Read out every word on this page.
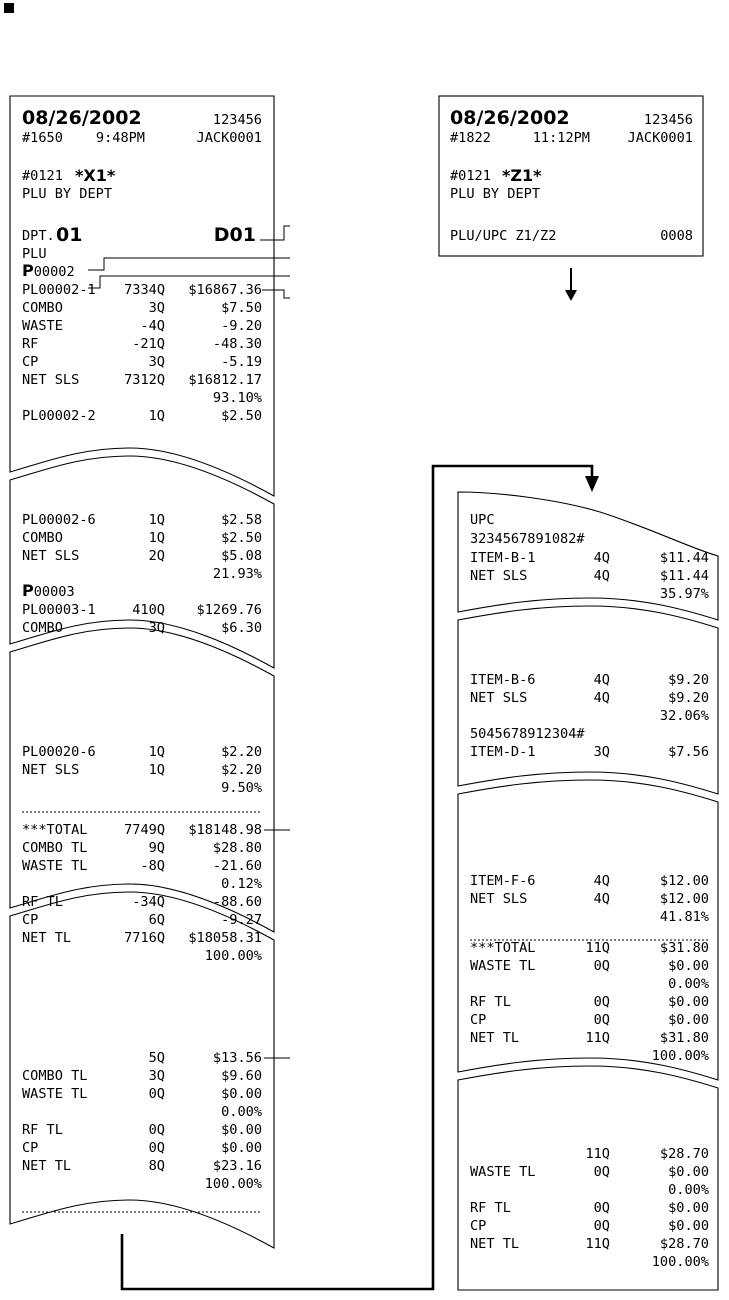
08/26/2002	123456
#1650 9:48PM	JACK0001
#0121 *X1*
PLU BY DEPT
DPT. 01	D01
PLU
P00002
PL00002-1 7334Q $16867.36
COMBO	3Q	$7.50
WASTE	-4Q	-9.20
RF	-21Q	-48.30
CP	3Q	-5.19
NET SLS	7312Q $16812.17
93.10%
PL00002-2	1Q	$2.50
PL00002-6	1Q	$2.58
COMBO	1Q	$2.50
NET SLS	2Q	$5.08
21.93%
P00003
PL00003-1	410Q $1269.76
COMBO	3Q	$6.30
PL00020-6	1Q	$2.20
NET SLS	1Q	$2.20
9.50%
***TOTAL	7749Q $18148.98
COMBO TL	9Q	$28.80
WASTE TL	-8Q	-21.60
0.12%
RF TL	-34Q	-88.60
CP	6Q	-9.27
NET TL	7716Q $18058.31
100.00%
5Q	$13.56
COMBO TL	3Q	$9.60
WASTE TL	0Q	$0.00
0.00%
RF TL	0Q	$0.00
CP	0Q	$0.00
NET TL	8Q	$23.16
100.00%
08/26/2002	123456
#1822	11:12PM	JACK0001
#0121 *Z1*
PLU BY DEPT
PLU/UPC Z1/Z2	0008
UPC
3234567891082#
ITEM-B-1	4Q	$11.44
NET SLS	4Q	$11.44
35.97%
ITEM-B-6	4Q	$9.20
NET SLS	4Q	$9.20
32.06%
5045678912304#
ITEM-D-1	3Q	$7.56
ITEM-F-6	4Q	$12.00
NET SLS	4Q	$12.00
41.81%
***TOTAL	11Q	$31.80
WASTE TL	0Q	$0.00
0.00%
RF TL	0Q	$0.00
CP	0Q	$0.00
NET TL	11Q	$31.80
100.00%
11Q	$28.70
WASTE TL	0Q	$0.00
0.00%
RF TL	0Q	$0.00
CP	0Q	$0.00
NET TL	11Q	$28.70
100.00%
